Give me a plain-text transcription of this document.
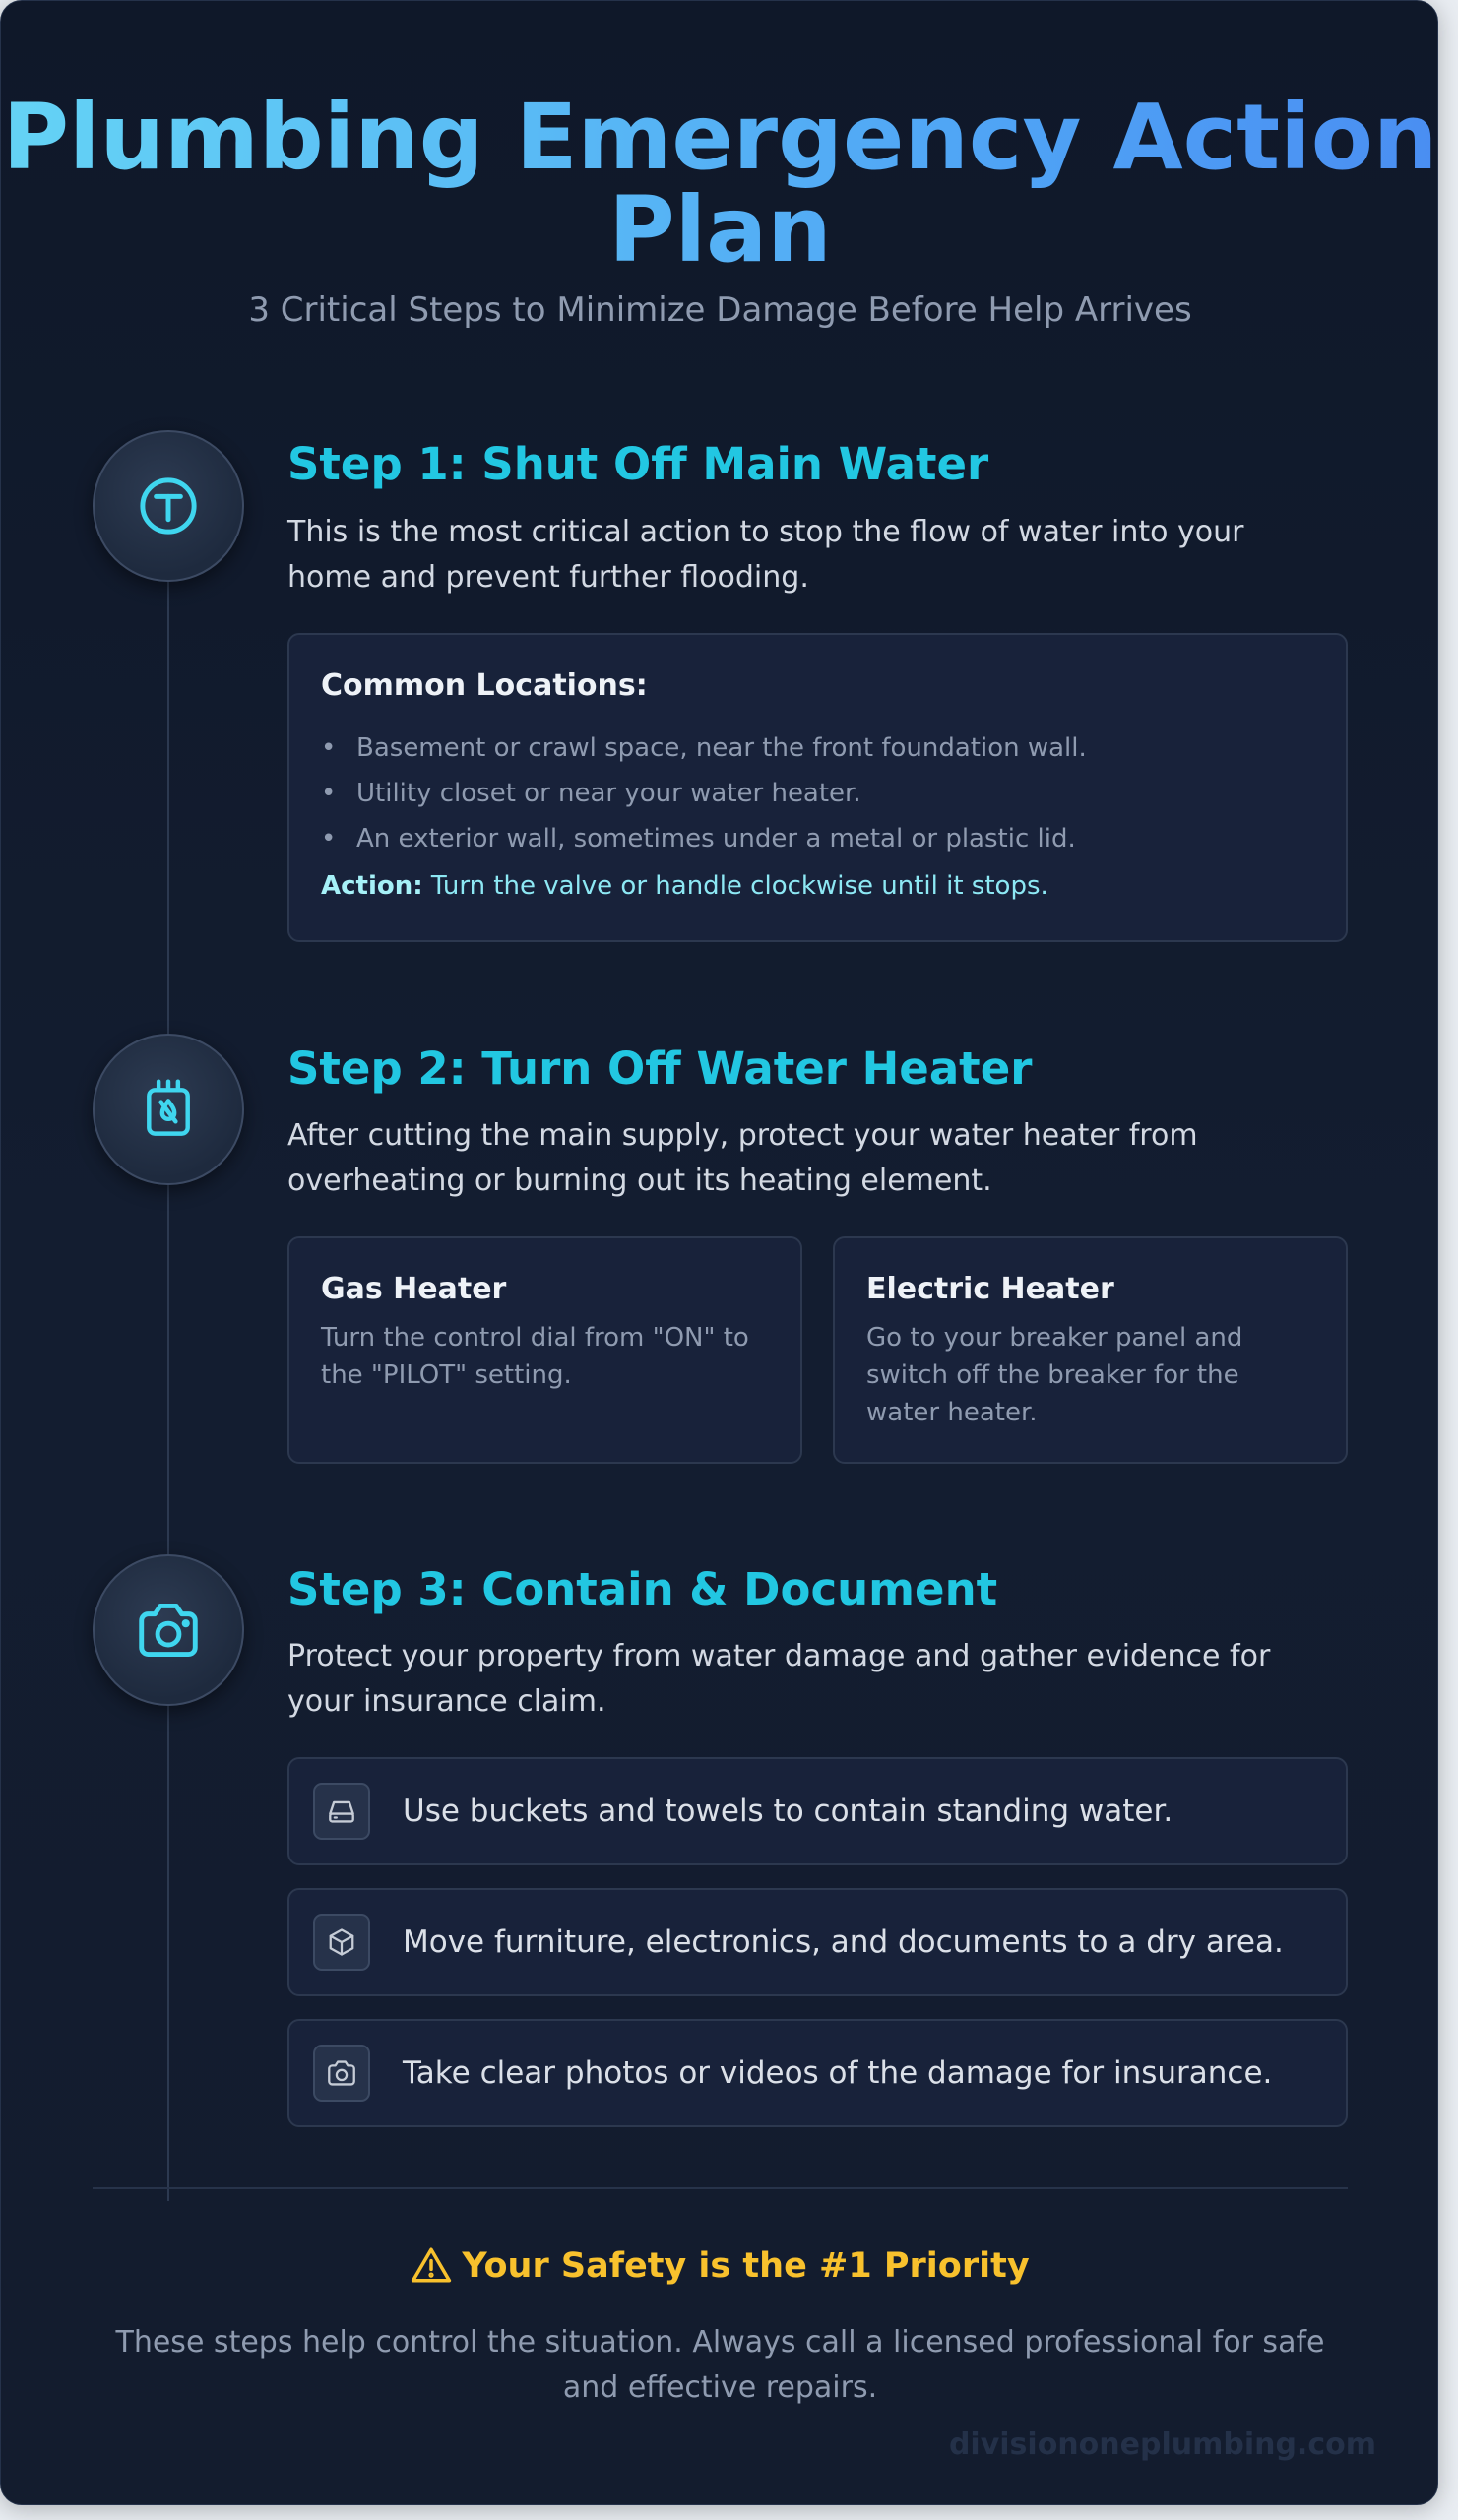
Plumbing Emergency Action Plan
3 Critical Steps to Minimize Damage Before Help Arrives
Step 1: Shut Off Main Water
This is the most critical action to stop the flow of water into your home and prevent further flooding.
Common Locations:
• Basement or crawl space, near the front foundation wall.
• Utility closet or near your water heater.
• An exterior wall, sometimes under a metal or plastic lid.
Action: Turn the valve or handle clockwise until it stops.
Step 2: Turn Off Water Heater
After cutting the main supply, protect your water heater from overheating or burning out its heating element.
Gas Heater
Turn the control dial from "ON" to the "PILOT" setting.
Electric Heater
Go to your breaker panel and switch off the breaker for the water heater.
Step 3: Contain & Document
Protect your property from water damage and gather evidence for your insurance claim.
Use buckets and towels to contain standing water.
Move furniture, electronics, and documents to a dry area.
Take clear photos or videos of the damage for insurance.
Your Safety is the #1 Priority
These steps help control the situation. Always call a licensed professional for safe and effective repairs.
divisiononeplumbing.com
